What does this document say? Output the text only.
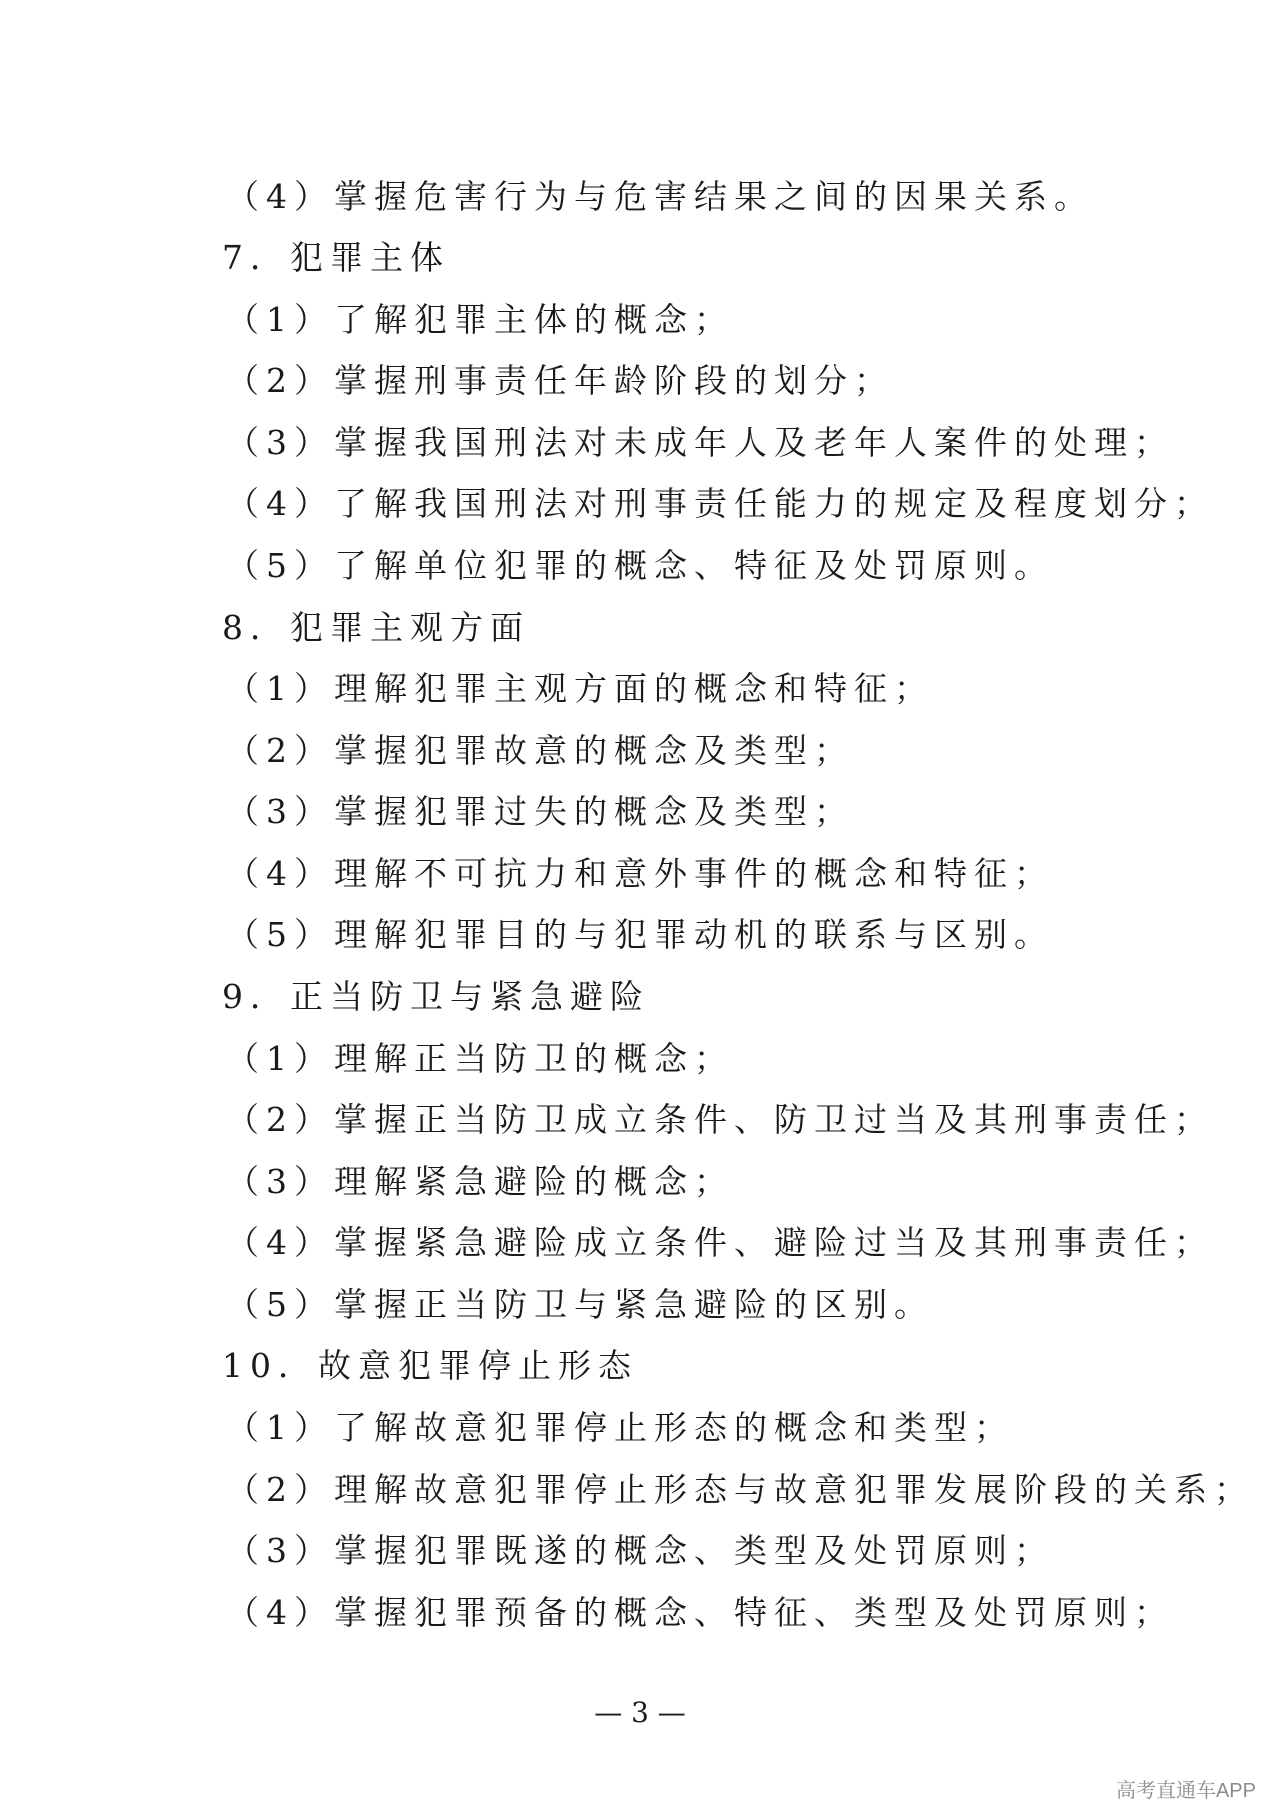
（4）掌握危害行为与危害结果之间的因果关系。
7．犯罪主体
（1）了解犯罪主体的概念；
（2）掌握刑事责任年龄阶段的划分；
（3）掌握我国刑法对未成年人及老年人案件的处理；
（4）了解我国刑法对刑事责任能力的规定及程度划分；
（5）了解单位犯罪的概念、特征及处罚原则。
8．犯罪主观方面
（1）理解犯罪主观方面的概念和特征；
（2）掌握犯罪故意的概念及类型；
（3）掌握犯罪过失的概念及类型；
（4）理解不可抗力和意外事件的概念和特征；
（5）理解犯罪目的与犯罪动机的联系与区别。
9．正当防卫与紧急避险
（1）理解正当防卫的概念；
（2）掌握正当防卫成立条件、防卫过当及其刑事责任；
（3）理解紧急避险的概念；
（4）掌握紧急避险成立条件、避险过当及其刑事责任；
（5）掌握正当防卫与紧急避险的区别。
10．故意犯罪停止形态
（1）了解故意犯罪停止形态的概念和类型；
（2）理解故意犯罪停止形态与故意犯罪发展阶段的关系；
（3）掌握犯罪既遂的概念、类型及处罚原则；
（4）掌握犯罪预备的概念、特征、类型及处罚原则；
— 3 —
高考直通车APP
